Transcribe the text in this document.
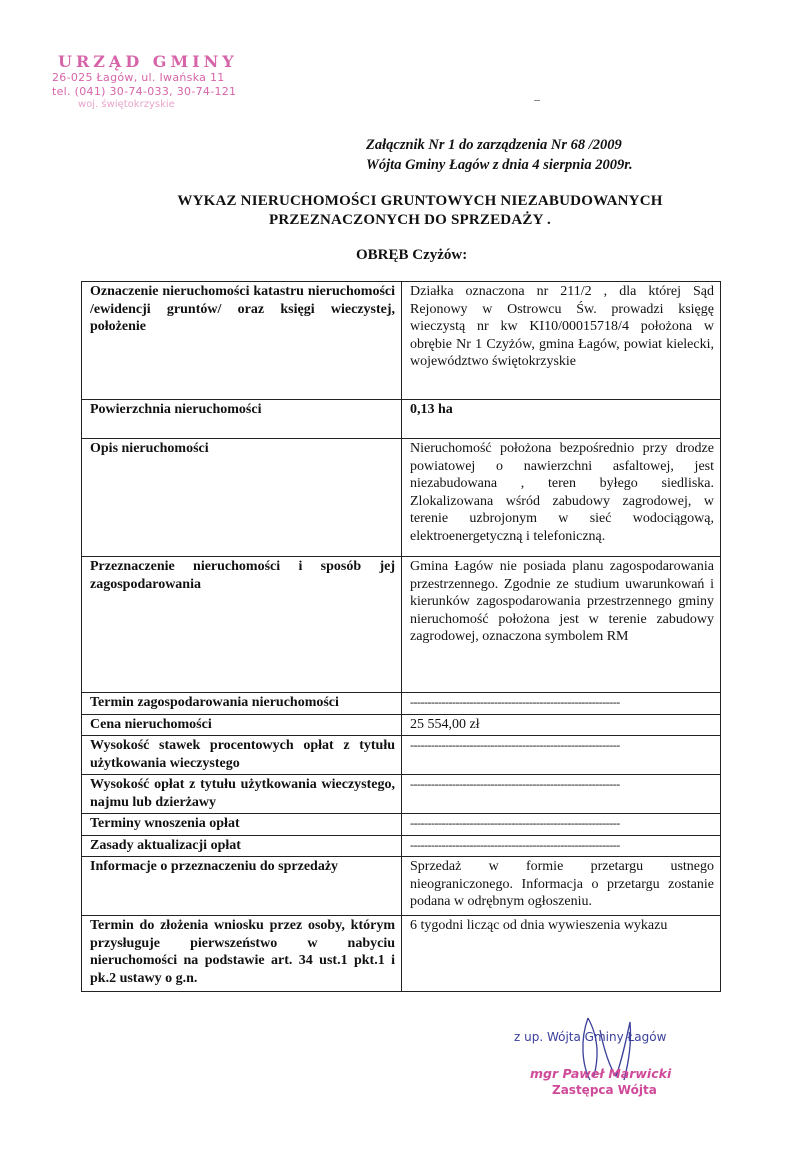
URZĄD GMINY
26-025 Łagów, ul. Iwańska 11
tel. (041) 30-74-033, 30-74-121
woj. świętokrzyskie
Załącznik Nr 1 do zarządzenia Nr 68 /2009
Wójta Gminy Łagów z dnia 4 sierpnia 2009r.
WYKAZ NIERUCHOMOŚCI GRUNTOWYCH NIEZABUDOWANYCH
PRZEZNACZONYCH DO SPRZEDAŻY .
OBRĘB Czyżów:
Oznaczenie nieruchomości katastru nieruchomości /ewidencji gruntów/ oraz księgi wieczystej, położenie	Działka oznaczona nr 211/2 , dla której Sąd Rejonowy w Ostrowcu Św. prowadzi księgę wieczystą nr kw KI10/00015718/4 położona w obrębie Nr 1 Czyżów, gmina Łagów, powiat kielecki, województwo świętokrzyskie
Powierzchnia nieruchomości	0,13 ha
Opis nieruchomości	Nieruchomość położona bezpośrednio przy drodze powiatowej o nawierzchni asfaltowej, jest niezabudowana , teren byłego siedliska. Zlokalizowana wśród zabudowy zagrodowej, w terenie uzbrojonym w sieć wodociągową, elektroenergetyczną i telefoniczną.
Przeznaczenie nieruchomości i sposób jej zagospodarowania	Gmina Łagów nie posiada planu zagospodarowania przestrzennego. Zgodnie ze studium uwarunkowań i kierunków zagospodarowania przestrzennego gminy nieruchomość położona jest w terenie zabudowy zagrodowej, oznaczona symbolem RM
Termin zagospodarowania nieruchomości	------------------------------------------------------------

Cena nieruchomości	25 554,00 zł
Wysokość stawek procentowych opłat z tytułu użytkowania wieczystego	------------------------------------------------------------

Wysokość opłat z tytułu użytkowania wieczystego, najmu lub dzierżawy	------------------------------------------------------------

Terminy wnoszenia opłat	------------------------------------------------------------

Zasady aktualizacji opłat	------------------------------------------------------------

Informacje o przeznaczeniu do sprzedaży	Sprzedaż w formie przetargu ustnego nieograniczonego. Informacja o przetargu zostanie podana w odrębnym ogłoszeniu.
Termin do złożenia wniosku przez osoby, którym przysługuje pierwszeństwo w nabyciu nieruchomości na podstawie art. 34 ust.1 pkt.1 i pk.2 ustawy o g.n.	6 tygodni licząc od dnia wywieszenia wykazu
z up. Wójta Gminy Łagów
mgr Paweł Marwicki
Zastępca Wójta
